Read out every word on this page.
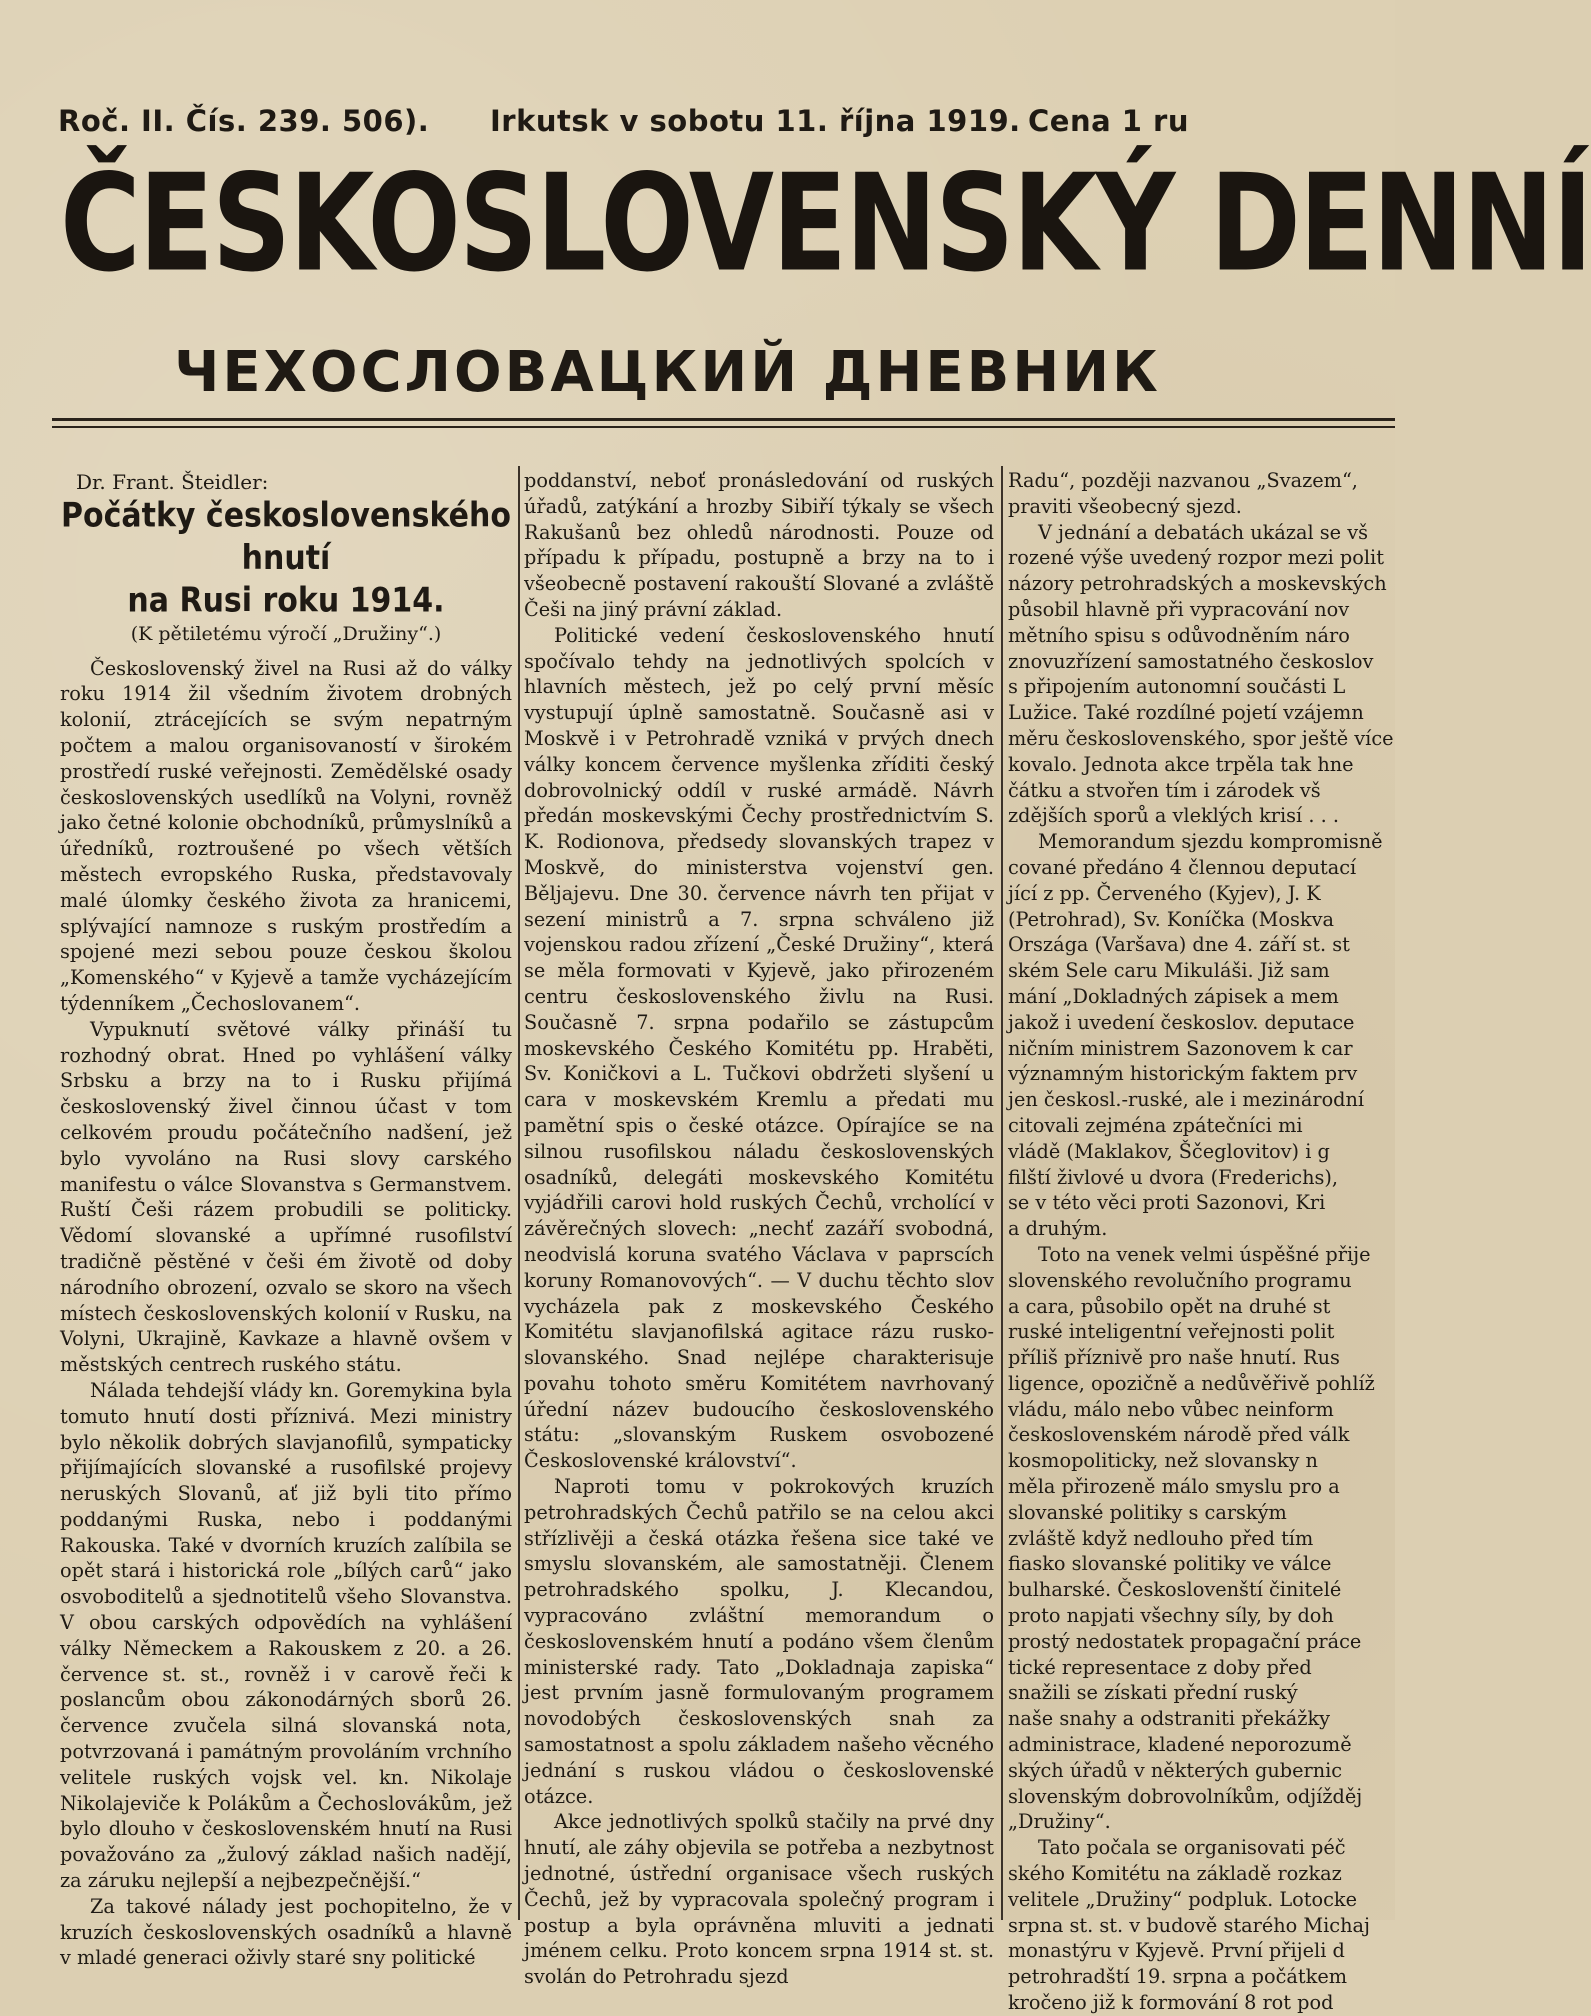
Roč. II. Čís. 239. 506). Irkutsk v sobotu 11. října 1919. Cena 1 ru
ČESKOSLOVENSKÝ DENNÍ
ЧЕХОСЛОВАЦКИЙ ДНЕВНИК

Dr. Frant. Šteidler:

Počátky československého hnutí
na Rusi roku 1914.

(K pětiletému výročí „Družiny“.)

Československý živel na Rusi až do války roku 1914 žil všedním životem drobných kolonií, ztrácejících se svým nepatrným počtem a malou organisovaností v širokém prostředí ruské veřejnosti. Zemědělské osady československých usedlíků na Volyni, rovněž jako četné kolonie obchodníků, průmyslníků a úředníků, roztroušené po všech větších městech evropského Ruska, představovaly malé úlomky českého života za hranicemi, splývající namnoze s ruským prostředím a spojené mezi sebou pouze českou školou „Komenského“ v Kyjevě a tamže vycházejícím týdenníkem „Čechoslovanem“.

Vypuknutí světové války přináší tu rozhodný obrat. Hned po vyhlášení války Srbsku a brzy na to i Rusku přijímá československý živel činnou účast v tom celkovém proudu počátečního nadšení, jež bylo vyvoláno na Rusi slovy carského manifestu o válce Slovanstva s Germanstvem. Ruští Češi rázem probudili se politicky. Vědomí slovanské a upřímné rusofilství tradičně pěstěné v češi ém životě od doby národního obrození, ozvalo se skoro na všech místech československých kolonií v Rusku, na Volyni, Ukrajině, Kavkaze a hlavně ovšem v městských centrech ruského státu.

Nálada tehdejší vlády kn. Goremykina byla tomuto hnutí dosti příznivá. Mezi ministry bylo několik dobrých slavjanofilů, sympaticky přijímajících slovanské a rusofilské projevy neruských Slovanů, ať již byli tito přímo poddanými Ruska, nebo i poddanými Rakouska. Také v dvorních kruzích zalíbila se opět stará i historická role „bílých carů“ jako osvoboditelů a sjednotitelů všeho Slovanstva. V obou carských odpovědích na vyhlášení války Německem a Rakouskem z 20. a 26. července st. st., rovněž i v carově řeči k poslancům obou zákonodárných sborů 26. července zvučela silná slovanská nota, potvrzovaná i památným provoláním vrchního velitele ruských vojsk vel. kn. Nikolaje Nikolajeviče k Polákům a Čechoslovákům, jež bylo dlouho v československém hnutí na Rusi považováno za „žulový základ našich nadějí, za záruku nejlepší a nejbezpečnější.“

Za takové nálady jest pochopitelno, že v kruzích československých osadníků a hlavně v mladé generaci oživly staré sny politické

poddanství, neboť pronásledování od ruských úřadů, zatýkání a hrozby Sibiří týkaly se všech Rakušanů bez ohledů národnosti. Pouze od případu k případu, postupně a brzy na to i všeobecně postavení rakouští Slované a zvláště Češi na jiný právní základ.

Politické vedení československého hnutí spočívalo tehdy na jednotlivých spolcích v hlavních městech, jež po celý první měsíc vystupují úplně samostatně. Současně asi v Moskvě i v Petrohradě vzniká v prvých dnech války koncem července myšlenka zříditi český dobrovolnický oddíl v ruské armádě. Návrh předán moskevskými Čechy prostřednictvím S. K. Rodionova, předsedy slovanských trapez v Moskvě, do ministerstva vojenství gen. Běljajevu. Dne 30. července návrh ten přijat v sezení ministrů a 7. srpna schváleno již vojenskou radou zřízení „České Družiny“, která se měla formovati v Kyjevě, jako přirozeném centru československého živlu na Rusi. Současně 7. srpna podařilo se zástupcům moskevského Českého Komitétu pp. Hraběti, Sv. Koničkovi a L. Tučkovi obdržeti slyšení u cara v moskevském Kremlu a předati mu pamětní spis o české otázce. Opírajíce se na silnou rusofilskou náladu československých osadníků, delegáti moskevského Komitétu vyjádřili carovi hold ruských Čechů, vrcholící v závěrečných slovech: „nechť zazáří svobodná, neodvislá koruna svatého Václava v paprscích koruny Romanovových“. — V duchu těchto slov vycházela pak z moskevského Českého Komitétu slavjanofilská agitace rázu rusko-slovanského. Snad nejlépe charakterisuje povahu tohoto směru Komitétem navrhovaný úřední název budoucího československého státu: „slovanským Ruskem osvobozené Československé království“.

Naproti tomu v pokrokových kruzích petrohradských Čechů patřilo se na celou akci střízlivěji a česká otázka řešena sice také ve smyslu slovanském, ale samostatněji. Členem petrohradského spolku, J. Klecandou, vypracováno zvláštní memorandum o československém hnutí a podáno všem členům ministerské rady. Tato „Dokladnaja zapiska“ jest prvním jasně formulovaným programem novodobých československých snah za samostatnost a spolu základem našeho věcného jednání s ruskou vládou o československé otázce.

Akce jednotlivých spolků stačily na prvé dny hnutí, ale záhy objevila se potřeba a nezbytnost jednotné, ústřední organisace všech ruských Čechů, jež by vypracovala společný program i postup a byla oprávněna mluviti a jednati jménem celku. Proto koncem srpna 1914 st. st. svolán do Petrohradu sjezd

Radu“, později nazvanou „Svazem“,

praviti všeobecný sjezd.

V jednání a debatách ukázal se vš

rozené výše uvedený rozpor mezi polit

názory petrohradských a moskevských

působil hlavně při vypracování nov

mětního spisu s odůvodněním náro

znovuzřízení samostatného českoslov

s připojením autonomní součásti L

Lužice. Také rozdílné pojetí vzájemn

měru československého, spor ještě více

kovalo. Jednota akce trpěla tak hne

čátku a stvořen tím i zárodek vš

zdějších sporů a vleklých krisí . . .

Memorandum sjezdu kompromisně

cované předáno 4 člennou deputací

jící z pp. Červeného (Kyjev), J. K

(Petrohrad), Sv. Koníčka (Moskva

Országa (Varšava) dne 4. září st. st

ském Sele caru Mikuláši. Již sam

mání „Dokladných zápisek a mem

jakož i uvedení českoslov. deputace

ničním ministrem Sazonovem k car

významným historickým faktem prv

jen českosl.-ruské, ale i mezinárodní

citovali zejména zpátečníci mi

vládě (Maklakov, Ščeglovitov) i g

filští živlové u dvora (Frederichs),

se v této věci proti Sazonovi, Kri

a druhým.

Toto na venek velmi úspěšné přije

slovenského revolučního programu

a cara, působilo opět na druhé st

ruské inteligentní veřejnosti polit

příliš příznivě pro naše hnutí. Rus

ligence, opozičně a nedůvěřivě pohlíž

vládu, málo nebo vůbec neinform

československém národě před válk

kosmopoliticky, než slovansky n

měla přirozeně málo smyslu pro a

slovanské politiky s carským

zvláště když nedlouho před tím

fiasko slovanské politiky ve válce

bulharské. Českoslovenští činitelé

proto napjati všechny síly, by doh

prostý nedostatek propagační práce

tické representace z doby před

snažili se získati přední ruský

naše snahy a odstraniti překážky

administrace, kladené neporozumě

ských úřadů v některých gubernic

slovenským dobrovolníkům, odjížděj

„Družiny“.

Tato počala se organisovati péč

ského Komitétu na základě rozkaz

velitele „Družiny“ podpluk. Lotocke

srpna st. st. v budově starého Michaj

monastýru v Kyjevě. První přijeli d

petrohradští 19. srpna a počátkem

kročeno již k formování 8 rot pod
